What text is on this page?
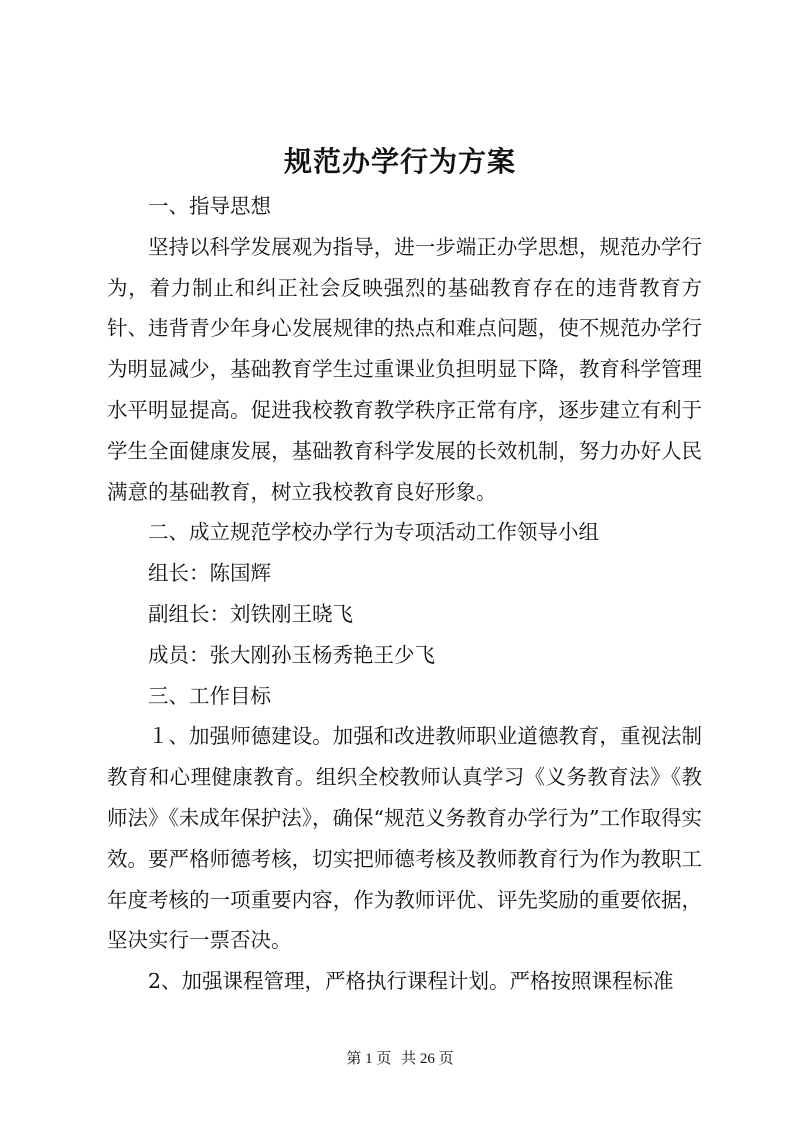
规范办学行为方案

一、指导思想

坚持以科学发展观为指导，进一步端正办学思想，规范办学行为，着力制止和纠正社会反映强烈的基础教育存在的违背教育方针、违背青少年身心发展规律的热点和难点问题，使不规范办学行为明显减少，基础教育学生过重课业负担明显下降，教育科学管理水平明显提高。促进我校教育教学秩序正常有序，逐步建立有利于学生全面健康发展，基础教育科学发展的长效机制，努力办好人民满意的基础教育，树立我校教育良好形象。

二、成立规范学校办学行为专项活动工作领导小组

组长：陈国辉

副组长：刘铁刚王晓飞

成员：张大刚孙玉杨秀艳王少飞

三、工作目标

１、加强师德建设。加强和改进教师职业道德教育，重视法制教育和心理健康教育。组织全校教师认真学习《义务教育法》《教师法》《未成年保护法》，确保“规范义务教育办学行为”工作取得实效。要严格师德考核，切实把师德考核及教师教育行为作为教职工年度考核的一项重要内容，作为教师评优、评先奖励的重要依据，坚决实行一票否决。

2、加强课程管理，严格执行课程计划。严格按照课程标准

第 1 页 共 26 页
